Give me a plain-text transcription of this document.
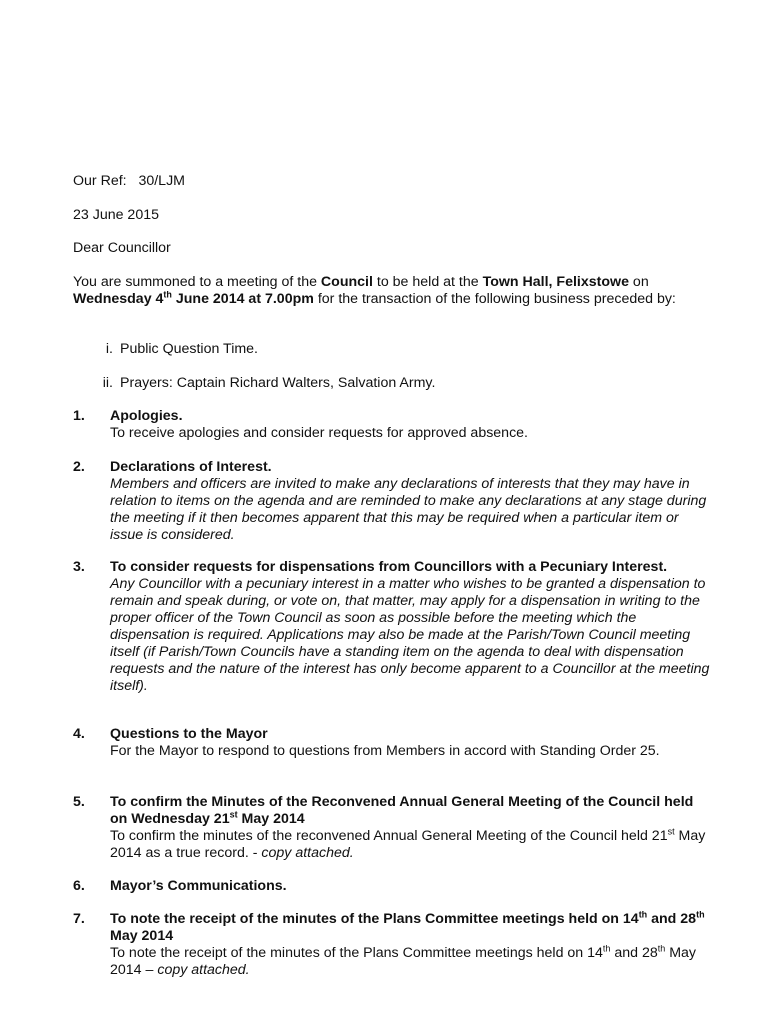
Our Ref: 30/LJM
23 June 2015
Dear Councillor
You are summoned to a meeting of the Council to be held at the Town Hall, Felixstowe on Wednesday 4th June 2014 at 7.00pm for the transaction of the following business preceded by:
i. Public Question Time.
ii. Prayers: Captain Richard Walters, Salvation Army.
1. Apologies.
To receive apologies and consider requests for approved absence.
2. Declarations of Interest.
Members and officers are invited to make any declarations of interests that they may have in relation to items on the agenda and are reminded to make any declarations at any stage during the meeting if it then becomes apparent that this may be required when a particular item or issue is considered.
3. To consider requests for dispensations from Councillors with a Pecuniary Interest.
Any Councillor with a pecuniary interest in a matter who wishes to be granted a dispensation to remain and speak during, or vote on, that matter, may apply for a dispensation in writing to the proper officer of the Town Council as soon as possible before the meeting which the dispensation is required. Applications may also be made at the Parish/Town Council meeting itself (if Parish/Town Councils have a standing item on the agenda to deal with dispensation requests and the nature of the interest has only become apparent to a Councillor at the meeting itself).
4. Questions to the Mayor
For the Mayor to respond to questions from Members in accord with Standing Order 25.
5. To confirm the Minutes of the Reconvened Annual General Meeting of the Council held on Wednesday 21st May 2014
To confirm the minutes of the reconvened Annual General Meeting of the Council held 21st May 2014 as a true record. - copy attached.
6. Mayor’s Communications.
7. To note the receipt of the minutes of the Plans Committee meetings held on 14th and 28th May 2014
To note the receipt of the minutes of the Plans Committee meetings held on 14th and 28th May 2014 – copy attached.
